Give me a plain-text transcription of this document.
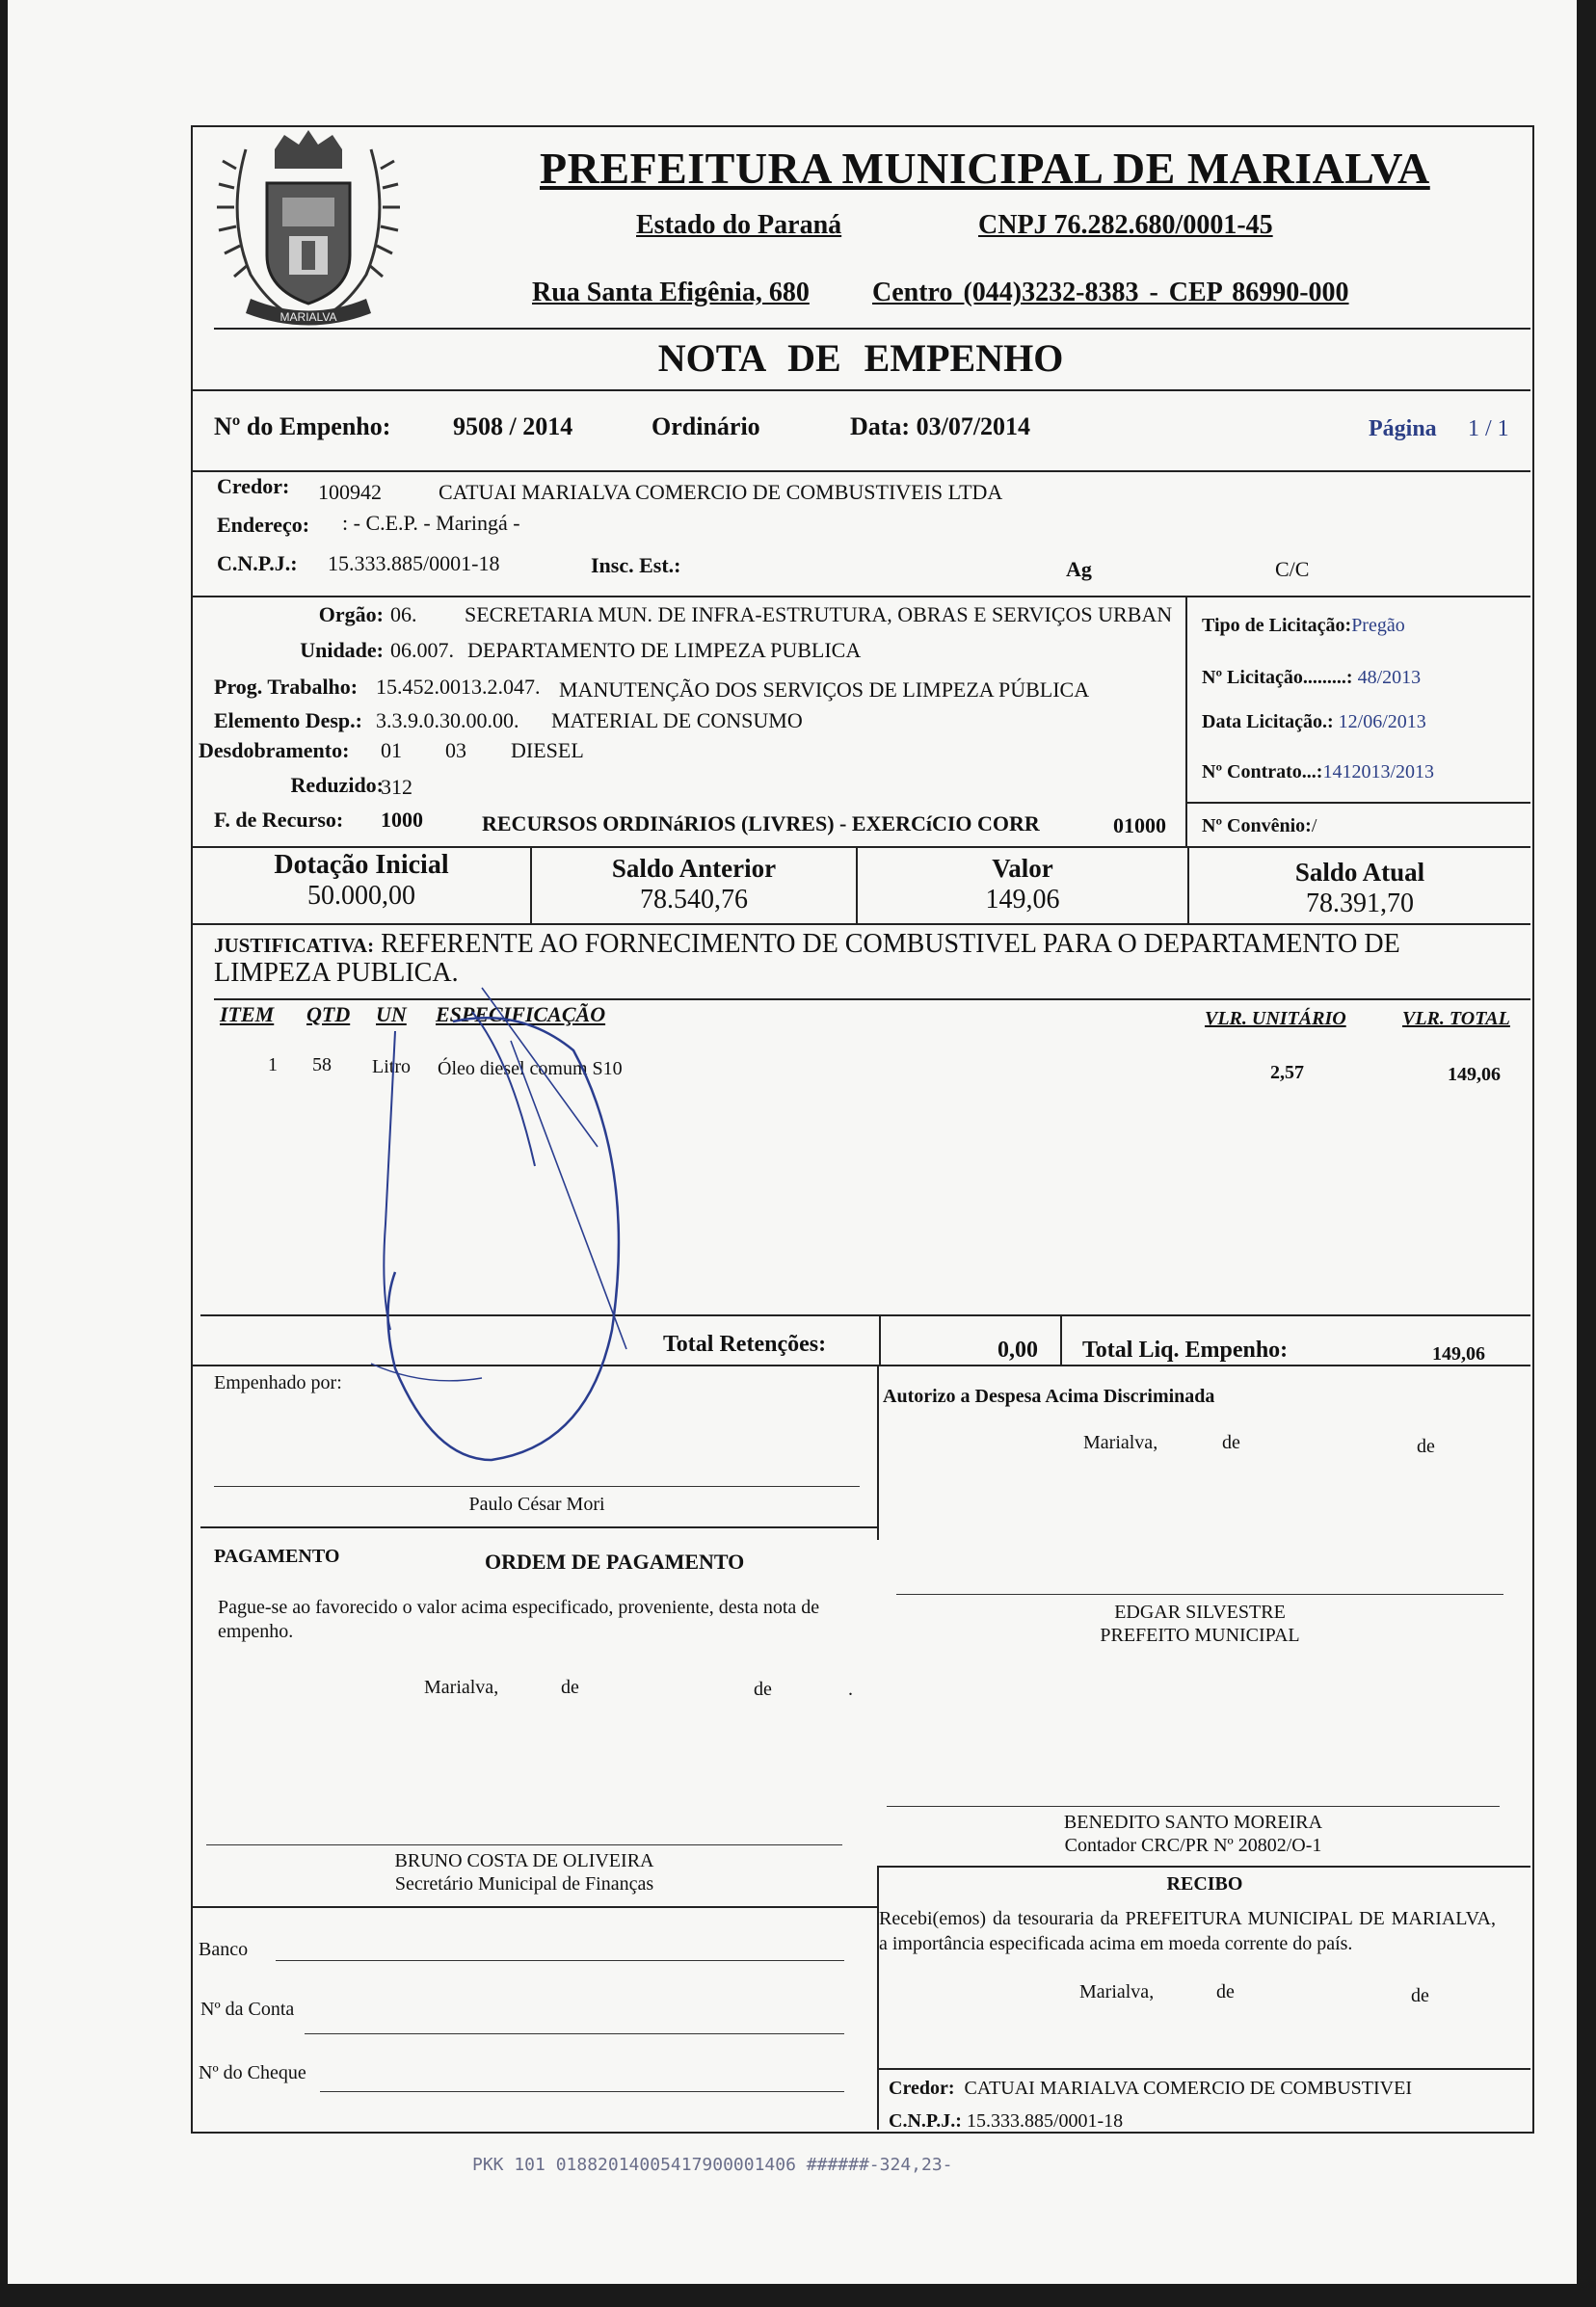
MARIALVA
PREFEITURA MUNICIPAL DE MARIALVA
Estado do Paraná	CNPJ 76.282.680/0001-45
Rua Santa Efigênia, 680 Centro (044)3232-8383 - CEP 86990-000
NOTA DE EMPENHO
Nº do Empenho: 9508 / 2014	Ordinário	Data: 03/07/2014	Página 1 / 1
Credor: 100942	CATUAI MARIALVA COMERCIO DE COMBUSTIVEIS LTDA
Endereço: : - C.E.P. - Maringá -
C.N.P.J.: 15.333.885/0001-18	Insc. Est.:	Ag	C/C
Orgão: 06. SECRETARIA MUN. DE INFRA-ESTRUTURA, OBRAS E SERVIÇOS URBAN
Unidade: 06.007. DEPARTAMENTO DE LIMPEZA PUBLICA
Prog. Trabalho: 15.452.0013.2.047. MANUTENÇÃO DOS SERVIÇOS DE LIMPEZA PÚBLICA
Elemento Desp.: 3.3.9.0.30.00.00. MATERIAL DE CONSUMO
Desdobramento: 01 03 DIESEL
Reduzido:
312
F. de Recurso: 1000	RECURSOS ORDINáRIOS (LIVRES) - EXERCíCIO CORR	01000
Tipo de Licitação:Pregão
Nº Licitação.........: 48/2013
Data Licitação.: 12/06/2013
Nº Contrato...:1412013/2013
Nº Convênio:/
Dotação Inicial
50.000,00
Saldo Anterior
78.540,76
Valor
149,06
Saldo Atual
78.391,70
JUSTIFICATIVA: REFERENTE AO FORNECIMENTO DE COMBUSTIVEL PARA O DEPARTAMENTO DE
LIMPEZA PUBLICA.
ITEM QTD UN ESPECIFICAÇÃO	VLR. UNITÁRIO	VLR. TOTAL
1 58 Litro Óleo diesel comum S10	2,57	149,06
Total Retenções:	0,00 Total Liq. Empenho:	149,06
Empenhado por:
Paulo César Mori
Autorizo a Despesa Acima Discriminada
Marialva,	de	de
PAGAMENTO	ORDEM DE PAGAMENTO
Pague-se ao favorecido o valor acima especificado, proveniente, desta nota de empenho.
Marialva,	de	de	.
EDGAR SILVESTRE
PREFEITO MUNICIPAL
BENEDITO SANTO MOREIRA
Contador CRC/PR Nº 20802/O-1
BRUNO COSTA DE OLIVEIRA
Secretário Municipal de Finanças	RECIBO
Recebi(emos) da tesouraria da PREFEITURA MUNICIPAL DE MARIALVA, a importância especificada acima em moeda corrente do país.
Marialva,	de	de
Credor: CATUAI MARIALVA COMERCIO DE COMBUSTIVEI
C.N.P.J.: 15.333.885/0001-18
Banco
Nº da Conta
Nº do Cheque
PKK 101 01882014005417900001406 ######-324,23-
